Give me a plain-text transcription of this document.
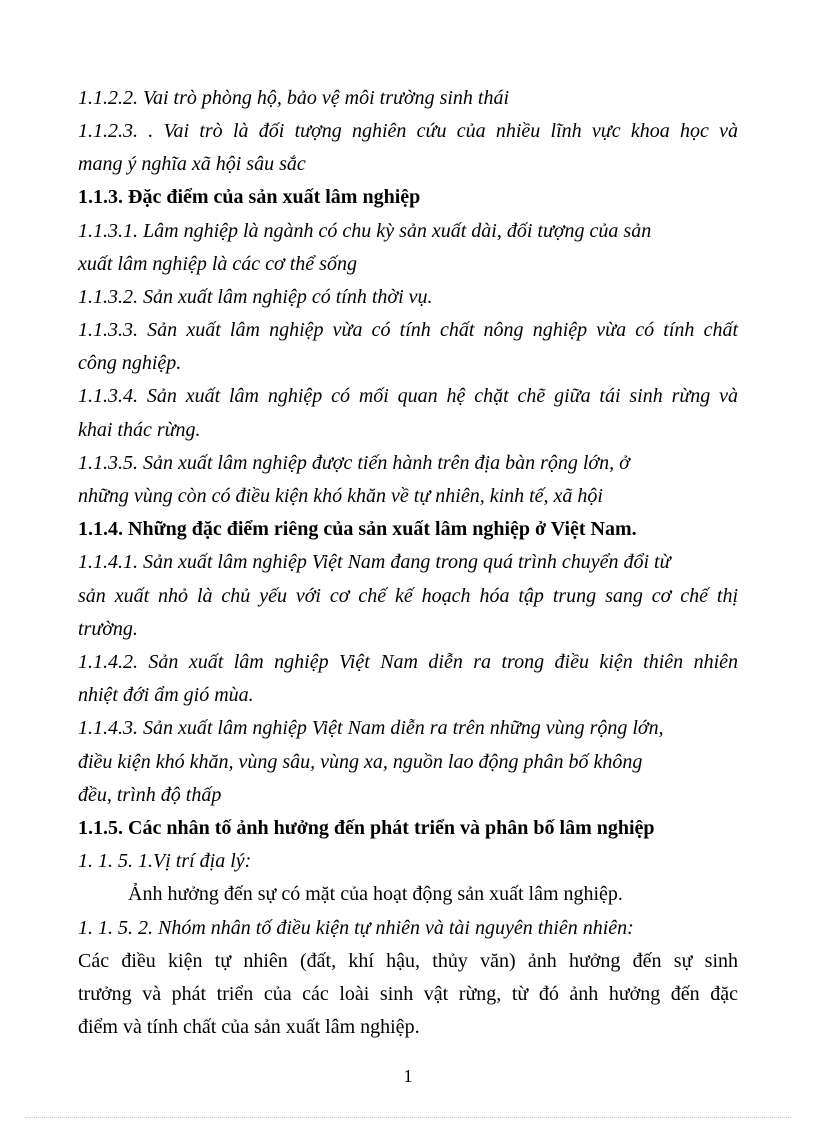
1.1.2.2. Vai trò phòng hộ, bảo vệ môi trường sinh thái
1.1.2.3. . Vai trò là đối tượng nghiên cứu của nhiều lĩnh vực khoa học và
mang ý nghĩa xã hội sâu sắc
1.1.3. Đặc điểm của sản xuất lâm nghiệp
1.1.3.1. Lâm nghiệp là ngành có chu kỳ sản xuất dài, đối tượng của sản
xuất lâm nghiệp là các cơ thể sống
1.1.3.2. Sản xuất lâm nghiệp có tính thời vụ.
1.1.3.3. Sản xuất lâm nghiệp vừa có tính chất nông nghiệp vừa có tính chất
công nghiệp.
1.1.3.4. Sản xuất lâm nghiệp có mối quan hệ chặt chẽ giữa tái sinh rừng và
khai thác rừng.
1.1.3.5. Sản xuất lâm nghiệp được tiến hành trên địa bàn rộng lớn, ở
những vùng còn có điều kiện khó khăn về tự nhiên, kinh tế, xã hội
1.1.4. Những đặc điểm riêng của sản xuất lâm nghiệp ở Việt Nam.
1.1.4.1. Sản xuất lâm nghiệp Việt Nam đang trong quá trình chuyển đổi từ
sản xuất nhỏ là chủ yếu với cơ chế kế hoạch hóa tập trung sang cơ chế thị
trường.
1.1.4.2. Sản xuất lâm nghiệp Việt Nam diễn ra trong điều kiện thiên nhiên
nhiệt đới ẩm gió mùa.
1.1.4.3. Sản xuất lâm nghiệp Việt Nam diễn ra trên những vùng rộng lớn,
điều kiện khó khăn, vùng sâu, vùng xa, nguồn lao động phân bố không
đều, trình độ thấp
1.1.5. Các nhân tố ảnh hưởng đến phát triển và phân bố lâm nghiệp
1. 1. 5. 1.Vị trí địa lý:
Ảnh hưởng đến sự có mặt của hoạt động sản xuất lâm nghiệp.
1. 1. 5. 2. Nhóm nhân tố điều kiện tự nhiên và tài nguyên thiên nhiên:
Các điều kiện tự nhiên (đất, khí hậu, thủy văn) ảnh hưởng đến sự sinh
trưởng và phát triển của các loài sinh vật rừng, từ đó ảnh hưởng đến đặc
điểm và tính chất của sản xuất lâm nghiệp.
1
